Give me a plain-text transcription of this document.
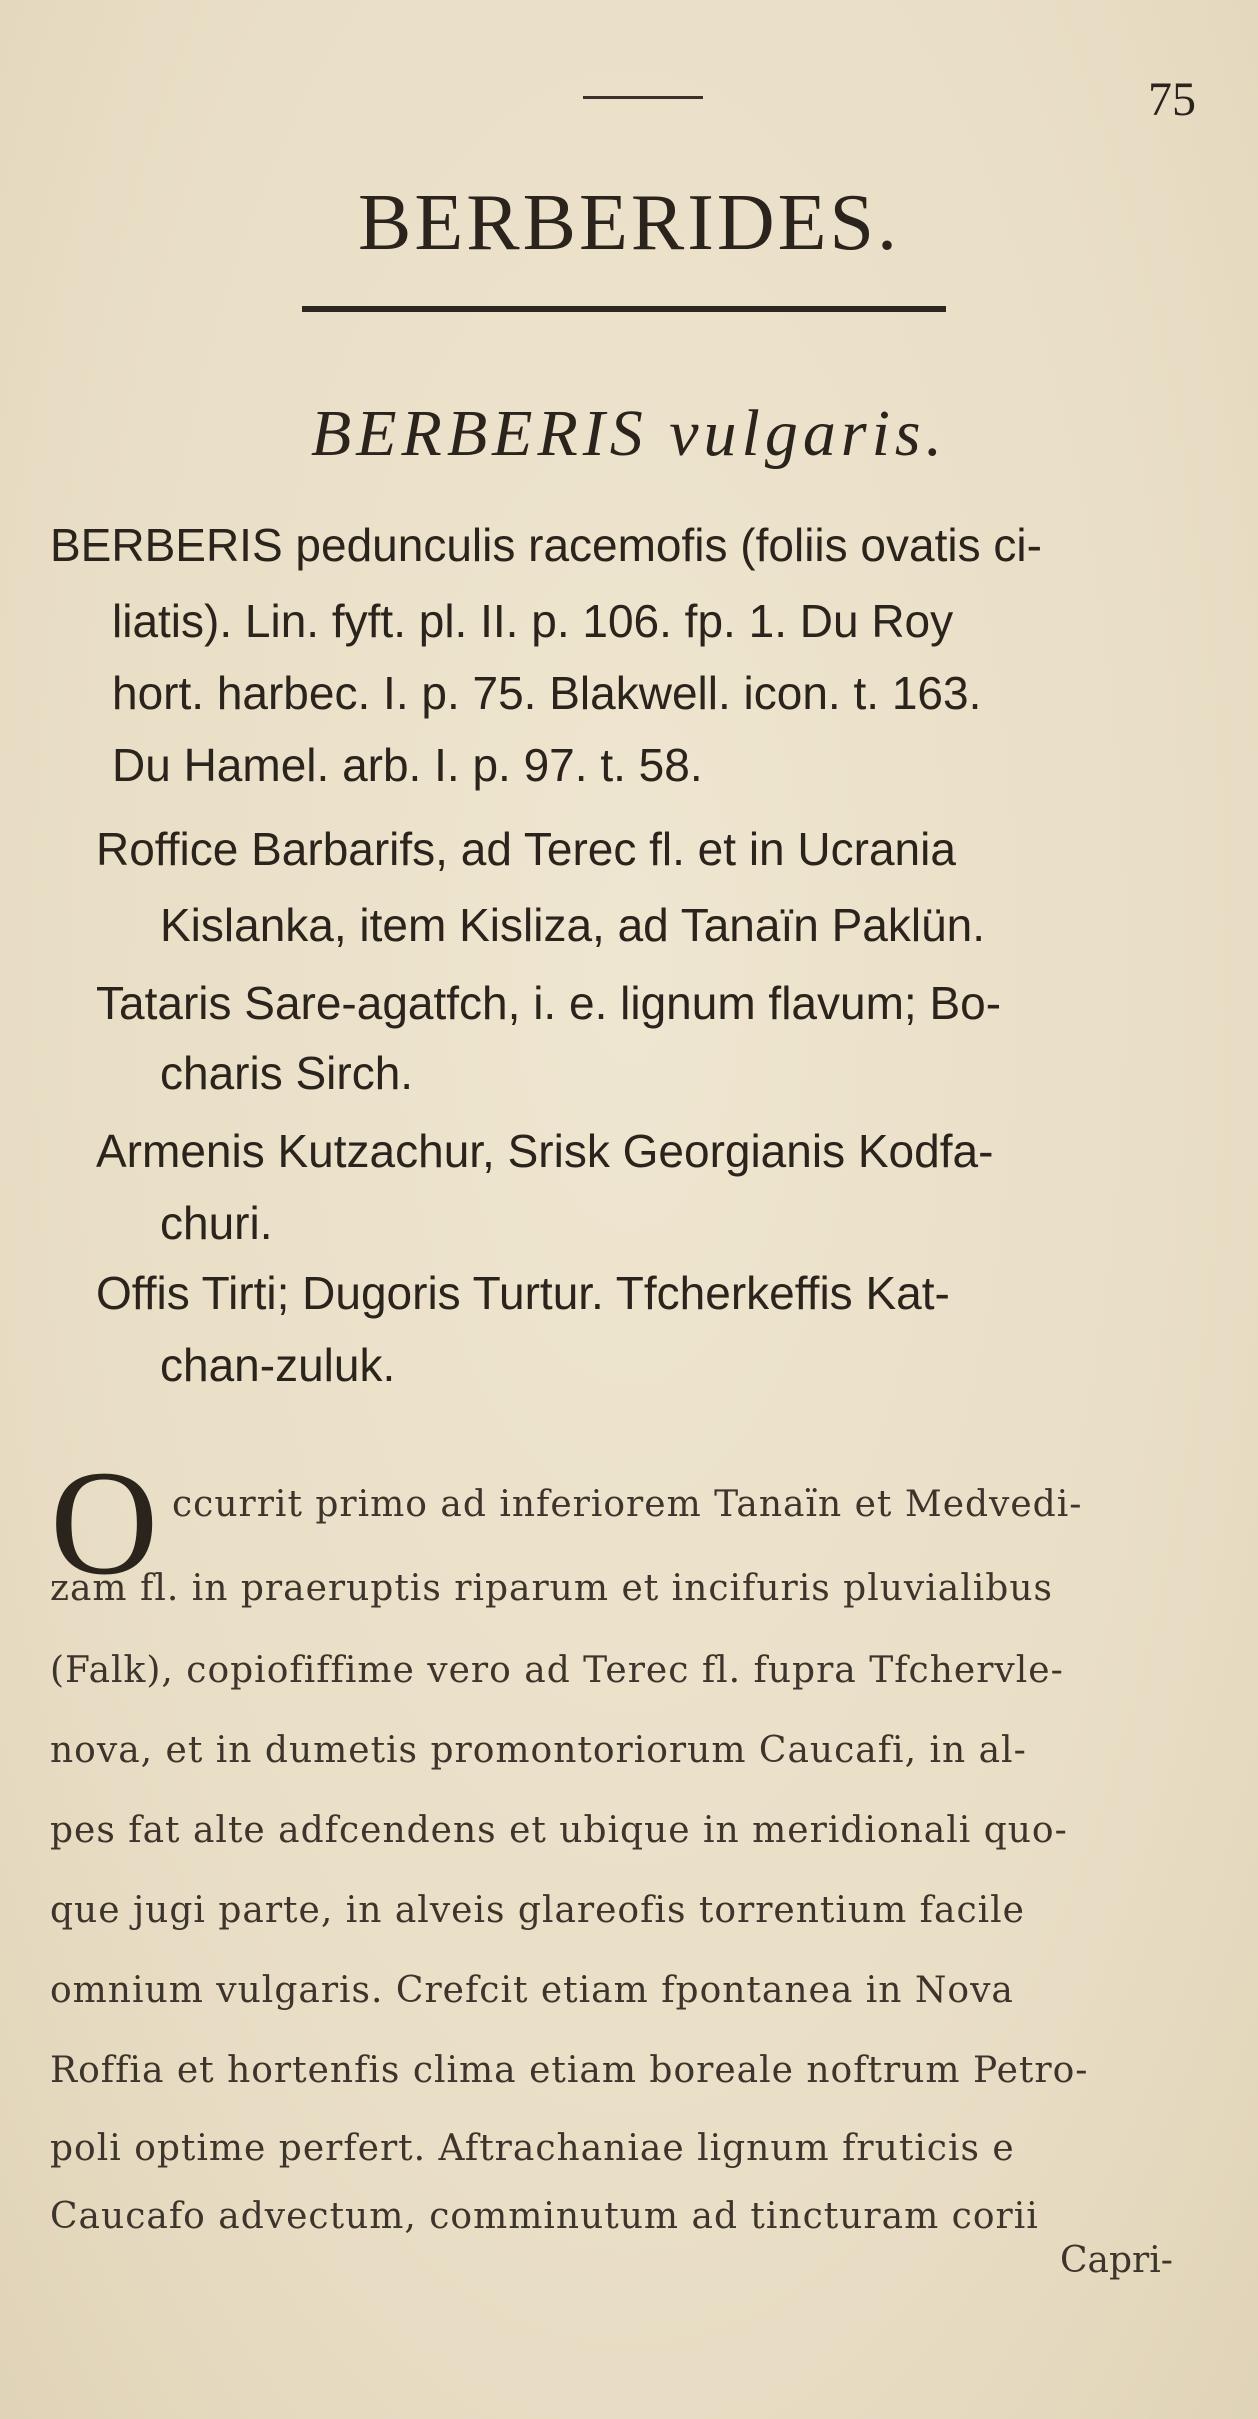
75
BERBERIDES.
BERBERIS vulgaris.
BERBERIS pedunculis racemofis (foliis ovatis ci-
liatis). Lin. fyft. pl. II. p. 106. fp. 1. Du Roy
hort. harbec. I. p. 75. Blakwell. icon. t. 163.
Du Hamel. arb. I. p. 97. t. 58.
Roffice Barbarifs, ad Terec fl. et in Ucrania
Kislanka, item Kisliza, ad Tanaïn Paklün.
Tataris Sare-agatfch, i. e. lignum flavum; Bo-
charis Sirch.
Armenis Kutzachur, Srisk Georgianis Kodfa-
churi.
Offis Tirti; Dugoris Turtur. Tfcherkeffis Kat-
chan-zuluk.
O ccurrit primo ad inferiorem Tanaïn et Medvedi-
zam fl. in praeruptis riparum et incifuris pluvialibus
(Falk), copiofiffime vero ad Terec fl. fupra Tfchervle-
nova, et in dumetis promontoriorum Caucafi, in al-
pes fat alte adfcendens et ubique in meridionali quo-
que jugi parte, in alveis glareofis torrentium facile
omnium vulgaris. Crefcit etiam fpontanea in Nova
Roffia et hortenfis clima etiam boreale noftrum Petro-
poli optime perfert. Aftrachaniae lignum fruticis e
Caucafo advectum, comminutum ad tincturam corii
Capri-
